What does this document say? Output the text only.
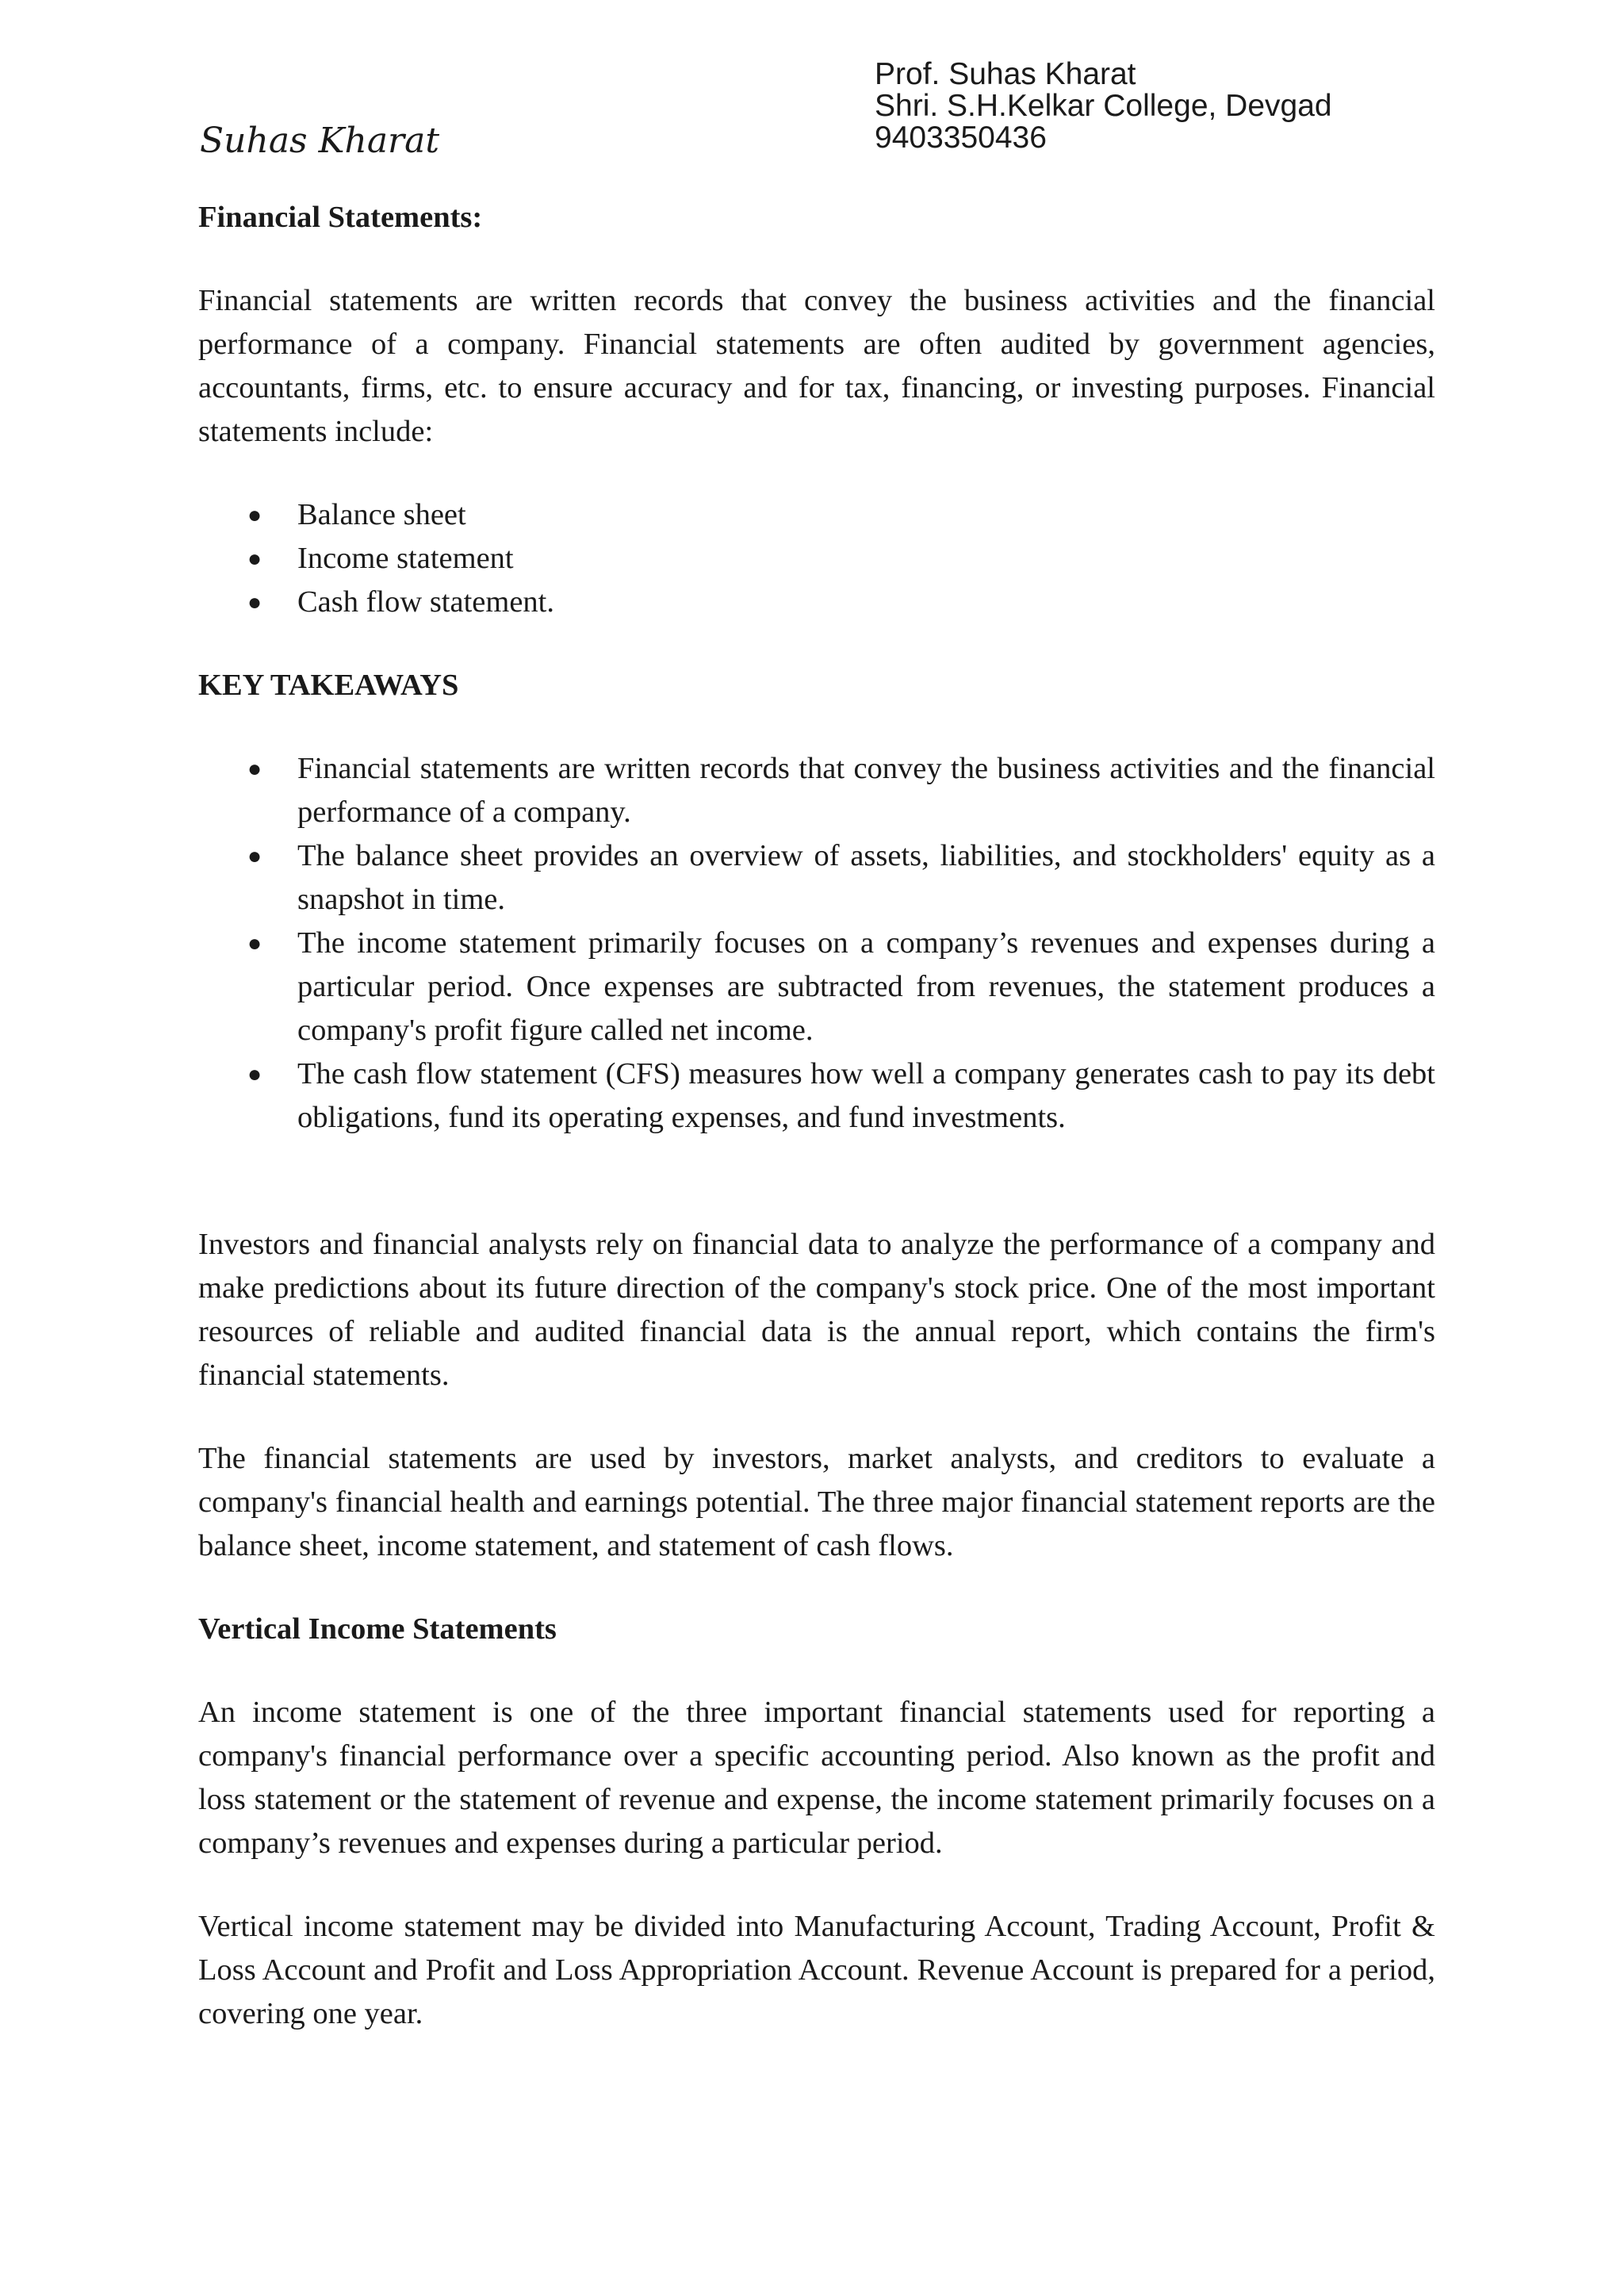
Suhas Kharat
Prof. Suhas Kharat
Shri. S.H.Kelkar College, Devgad
9403350436
Financial Statements:

Financial statements are written records that convey the business activities and the financial performance of a company. Financial statements are often audited by government agencies, accountants, firms, etc. to ensure accuracy and for tax, financing, or investing purposes. Financial statements include:

● Balance sheet
● Income statement
● Cash flow statement.
KEY TAKEAWAYS
● Financial statements are written records that convey the business activities and the financial performance of a company.
● The balance sheet provides an overview of assets, liabilities, and stockholders' equity as a snapshot in time.
● The income statement primarily focuses on a company’s revenues and expenses during a particular period. Once expenses are subtracted from revenues, the statement produces a company's profit figure called net income.
● The cash flow statement (CFS) measures how well a company generates cash to pay its debt obligations, fund its operating expenses, and fund investments.

Investors and financial analysts rely on financial data to analyze the performance of a company and make predictions about its future direction of the company's stock price. One of the most important resources of reliable and audited financial data is the annual report, which contains the firm's financial statements.

The financial statements are used by investors, market analysts, and creditors to evaluate a company's financial health and earnings potential. The three major financial statement reports are the balance sheet, income statement, and statement of cash flows.

Vertical Income Statements

An income statement is one of the three important financial statements used for reporting a company's financial performance over a specific accounting period. Also known as the profit and loss statement or the statement of revenue and expense, the income statement primarily focuses on a company’s revenues and expenses during a particular period.

Vertical income statement may be divided into Manufacturing Account, Trading Account, Profit & Loss Account and Profit and Loss Appropriation Account. Revenue Account is prepared for a period, covering one year.
